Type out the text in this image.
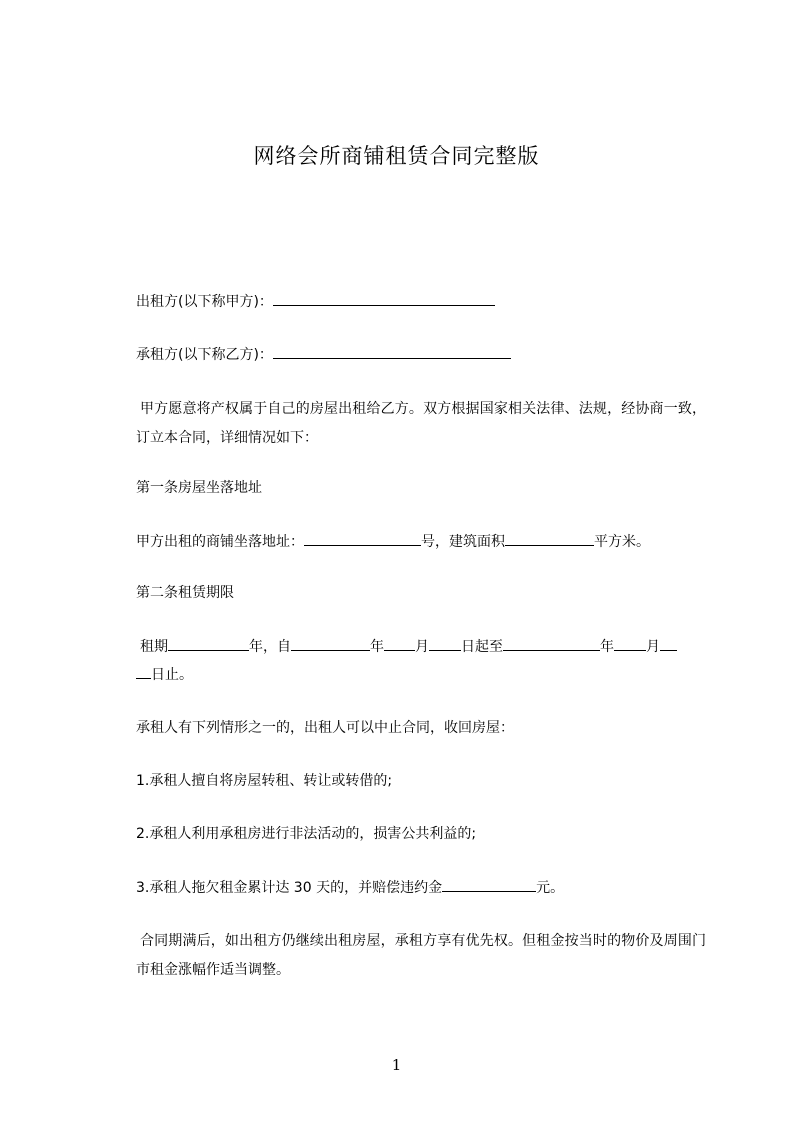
网络会所商铺租赁合同完整版
出租方(以下称甲方)：
承租方(以下称乙方)：
甲方愿意将产权属于自己的房屋出租给乙方。双方根据国家相关法律、法规，经协商一致，订立本合同，详细情况如下：
第一条房屋坐落地址
甲方出租的商铺坐落地址：	号，建筑面积	平方米。
第二条租赁期限
租期	年，自	年 月 日起至	年 月
日止。
承租人有下列情形之一的，出租人可以中止合同，收回房屋：
1.承租人擅自将房屋转租、转让或转借的;
2.承租人利用承租房进行非法活动的，损害公共利益的;
3.承租人拖欠租金累计达 30 天的，并赔偿违约金	元。
合同期满后，如出租方仍继续出租房屋，承租方享有优先权。但租金按当时的物价及周围门市租金涨幅作适当调整。
1
